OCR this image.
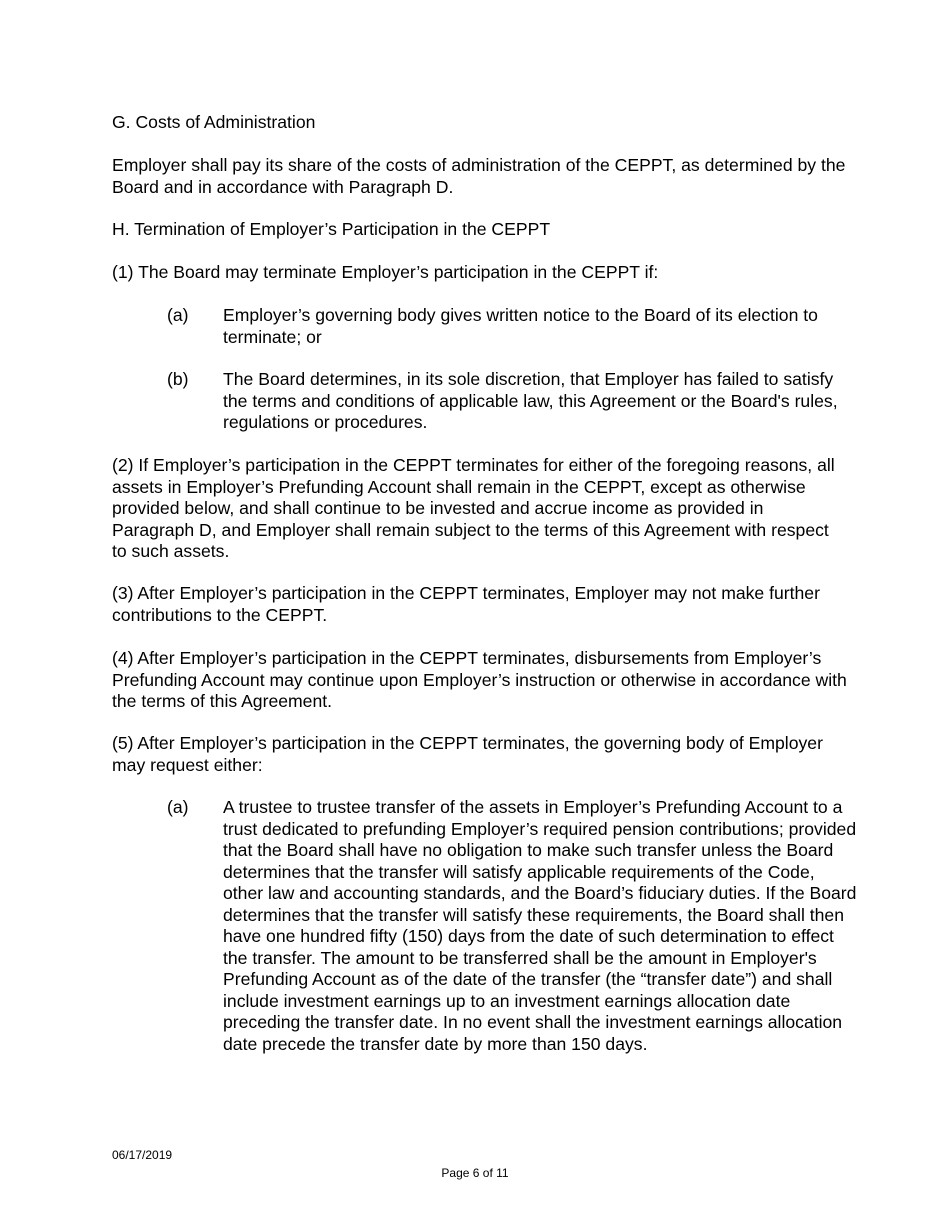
G. Costs of Administration

Employer shall pay its share of the costs of administration of the CEPPT, as determined by the Board and in accordance with Paragraph D.

H. Termination of Employer’s Participation in the CEPPT

(1) The Board may terminate Employer’s participation in the CEPPT if:

(a)	Employer’s governing body gives written notice to the Board of its election to terminate; or
(b)	The Board determines, in its sole discretion, that Employer has failed to satisfy the terms and conditions of applicable law, this Agreement or the Board's rules, regulations or procedures.

(2) If Employer’s participation in the CEPPT terminates for either of the foregoing reasons, all assets in Employer’s Prefunding Account shall remain in the CEPPT, except as otherwise provided below, and shall continue to be invested and accrue income as provided in Paragraph D, and Employer shall remain subject to the terms of this Agreement with respect to such assets.

(3) After Employer’s participation in the CEPPT terminates, Employer may not make further contributions to the CEPPT.

(4) After Employer’s participation in the CEPPT terminates, disbursements from Employer’s Prefunding Account may continue upon Employer’s instruction or otherwise in accordance with the terms of this Agreement.

(5) After Employer’s participation in the CEPPT terminates, the governing body of Employer may request either:

(a)	A trustee to trustee transfer of the assets in Employer’s Prefunding Account to a trust dedicated to prefunding Employer’s required pension contributions; provided that the Board shall have no obligation to make such transfer unless the Board determines that the transfer will satisfy applicable requirements of the Code, other law and accounting standards, and the Board’s fiduciary duties. If the Board determines that the transfer will satisfy these requirements, the Board shall then have one hundred fifty (150) days from the date of such determination to effect the transfer. The amount to be transferred shall be the amount in Employer's Prefunding Account as of the date of the transfer (the “transfer date”) and shall include investment earnings up to an investment earnings allocation date preceding the transfer date. In no event shall the investment earnings allocation date precede the transfer date by more than 150 days.
06/17/2019
Page 6 of 11
